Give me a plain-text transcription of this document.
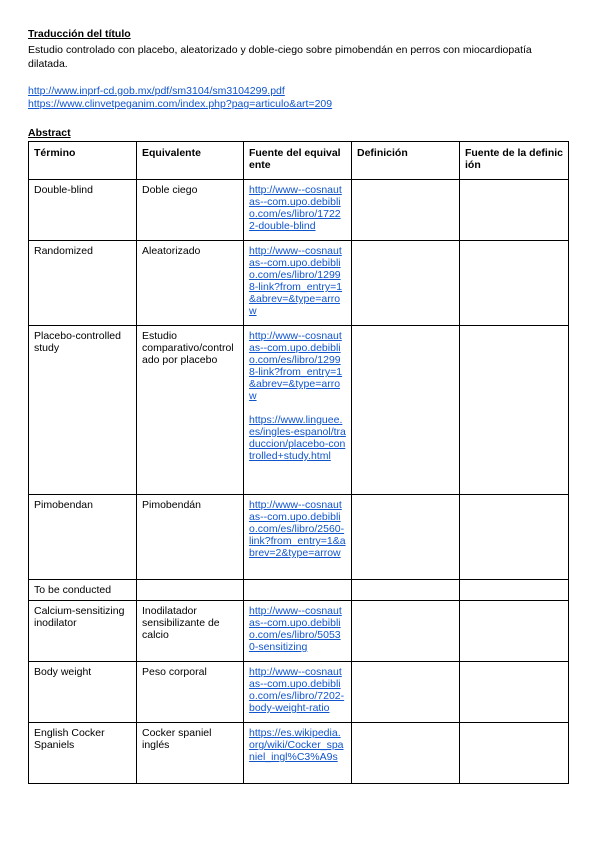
Traducción del título
Estudio controlado con placebo, aleatorizado y doble-ciego sobre pimobendán en perros con miocardiopatía dilatada.
http://www.inprf-cd.gob.mx/pdf/sm3104/sm3104299.pdf
https://www.clinvetpeganim.com/index.php?pag=articulo&art=209
Abstract
Término	Equivalente	Fuente del equivalente	Definición	Fuente de la definición
Double-blind	Doble ciego	http://www--cosnautas--com.upo.debiblio.com/es/libro/17222-double-blind		

Randomized	Aleatorizado	http://www--cosnautas--com.upo.debiblio.com/es/libro/12998-link?from_entry=1&abrev=&type=arrow		

Placebo-controlled study	Estudio comparativo/controlado por placebo	http://www--cosnautas--com.upo.debiblio.com/es/libro/12998-link?from_entry=1&abrev=&type=arrow
https://www.linguee.es/ingles-espanol/traduccion/placebo-controlled+study.html		

Pimobendan	Pimobendán	http://www--cosnautas--com.upo.debiblio.com/es/libro/2560-link?from_entry=1&abrev=2&type=arrow		

To be conducted				
Calcium-sensitizing inodilator	Inodilatador sensibilizante de calcio	http://www--cosnautas--com.upo.debiblio.com/es/libro/50530-sensitizing		

Body weight	Peso corporal	http://www--cosnautas--com.upo.debiblio.com/es/libro/7202-body-weight-ratio		

English Cocker Spaniels	Cocker spaniel inglés	https://es.wikipedia.org/wiki/Cocker_spaniel_ingl%C3%A9s		
